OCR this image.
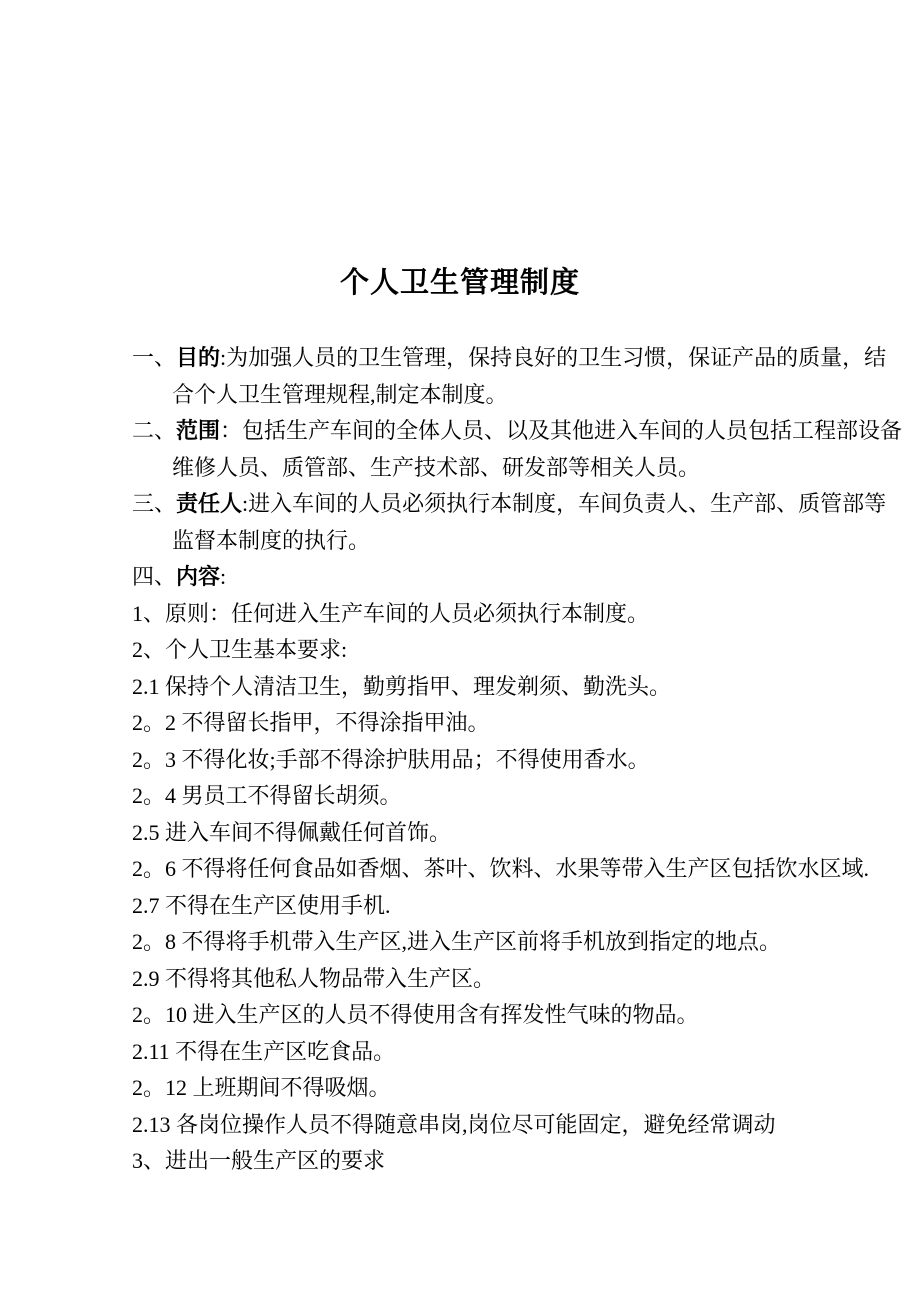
个人卫生管理制度
一、目的:为加强人员的卫生管理，保持良好的卫生习惯，保证产品的质量，结
合个人卫生管理规程,制定本制度。
二、范围：包括生产车间的全体人员、以及其他进入车间的人员包括工程部设备
维修人员、质管部、生产技术部、研发部等相关人员。
三、责任人:进入车间的人员必须执行本制度，车间负责人、生产部、质管部等
监督本制度的执行。
四、内容:
1、原则：任何进入生产车间的人员必须执行本制度。
2、个人卫生基本要求:
2.1 保持个人清洁卫生，勤剪指甲、理发剃须、勤洗头。
2。2 不得留长指甲，不得涂指甲油。
2。3 不得化妆;手部不得涂护肤用品；不得使用香水。
2。4 男员工不得留长胡须。
2.5 进入车间不得佩戴任何首饰。
2。6 不得将任何食品如香烟、茶叶、饮料、水果等带入生产区包括饮水区域.
2.7 不得在生产区使用手机.
2。8 不得将手机带入生产区,进入生产区前将手机放到指定的地点。
2.9 不得将其他私人物品带入生产区。
2。10 进入生产区的人员不得使用含有挥发性气味的物品。
2.11 不得在生产区吃食品。
2。12 上班期间不得吸烟。
2.13 各岗位操作人员不得随意串岗,岗位尽可能固定，避免经常调动
3、进出一般生产区的要求
